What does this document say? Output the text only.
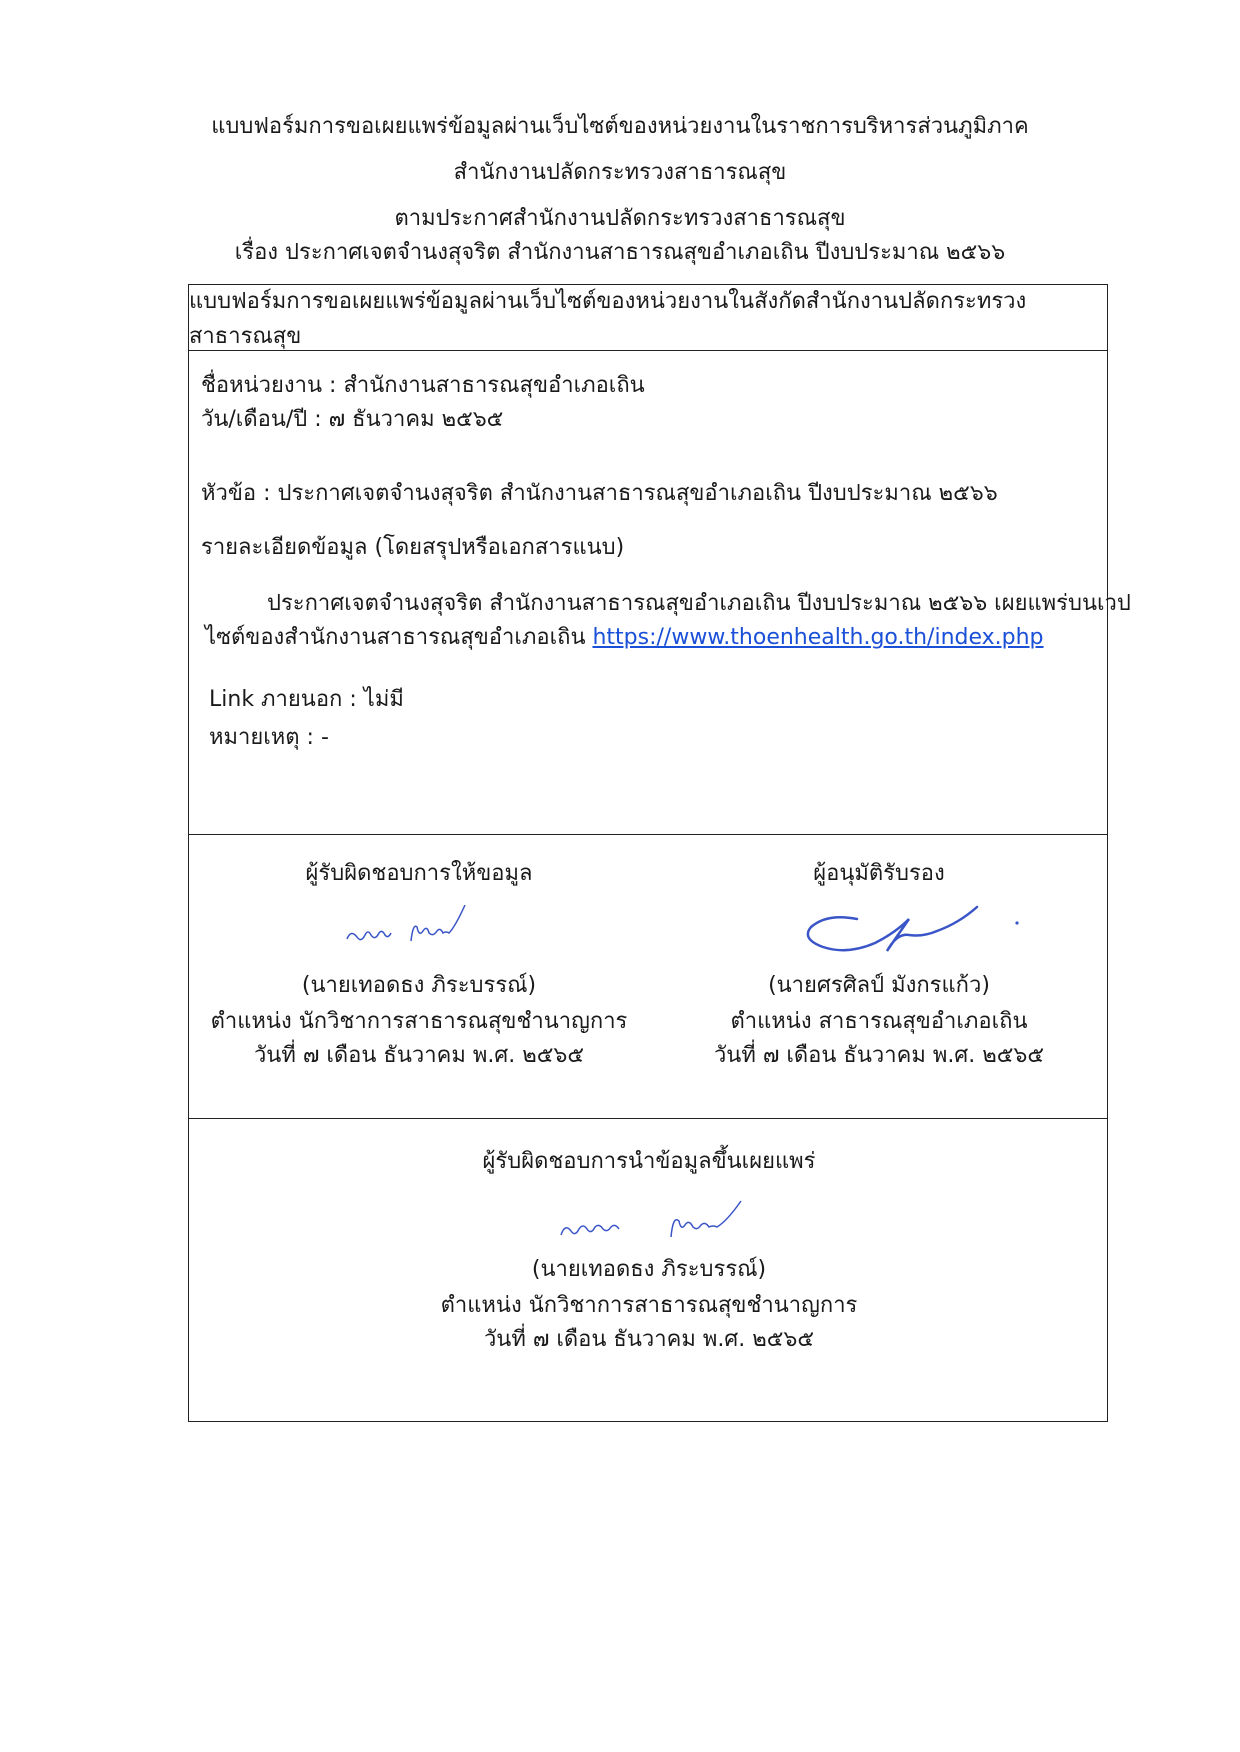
แบบฟอร์มการขอเผยแพร่ข้อมูลผ่านเว็บไซต์ของหน่วยงานในราชการบริหารส่วนภูมิภาค
สำนักงานปลัดกระทรวงสาธารณสุข
ตามประกาศสำนักงานปลัดกระทรวงสาธารณสุข
เรื่อง ประกาศเจตจำนงสุจริต สำนักงานสาธารณสุขอำเภอเถิน ปีงบประมาณ ๒๕๖๖
แบบฟอร์มการขอเผยแพร่ข้อมูลผ่านเว็บไซต์ของหน่วยงานในสังกัดสำนักงานปลัดกระทรวงสาธารณสุข
ชื่อหน่วยงาน : สำนักงานสาธารณสุขอำเภอเถิน
วัน/เดือน/ปี : ๗ ธันวาคม ๒๕๖๕
หัวข้อ : ประกาศเจตจำนงสุจริต สำนักงานสาธารณสุขอำเภอเถิน ปีงบประมาณ ๒๕๖๖
รายละเอียดข้อมูล (โดยสรุปหรือเอกสารแนบ)
ประกาศเจตจำนงสุจริต สำนักงานสาธารณสุขอำเภอเถิน ปีงบประมาณ ๒๕๖๖ เผยแพร่บนเวป
ไซต์ของสำนักงานสาธารณสุขอำเภอเถิน https://www.thoenhealth.go.th/index.php
Link ภายนอก : ไม่มี
หมายเหตุ : -
ผู้รับผิดชอบการให้ขอมูล
(นายเทอดธง ภิระบรรณ์)
ตำแหน่ง นักวิชาการสาธารณสุขชำนาญการ
วันที่ ๗ เดือน ธันวาคม พ.ศ. ๒๕๖๕
ผู้อนุมัติรับรอง
(นายศรศิลป์ มังกรแก้ว)
ตำแหน่ง สาธารณสุขอำเภอเถิน
วันที่ ๗ เดือน ธันวาคม พ.ศ. ๒๕๖๕
ผู้รับผิดชอบการนำข้อมูลขึ้นเผยแพร่
(นายเทอดธง ภิระบรรณ์)
ตำแหน่ง นักวิชาการสาธารณสุขชำนาญการ
วันที่ ๗ เดือน ธันวาคม พ.ศ. ๒๕๖๕
